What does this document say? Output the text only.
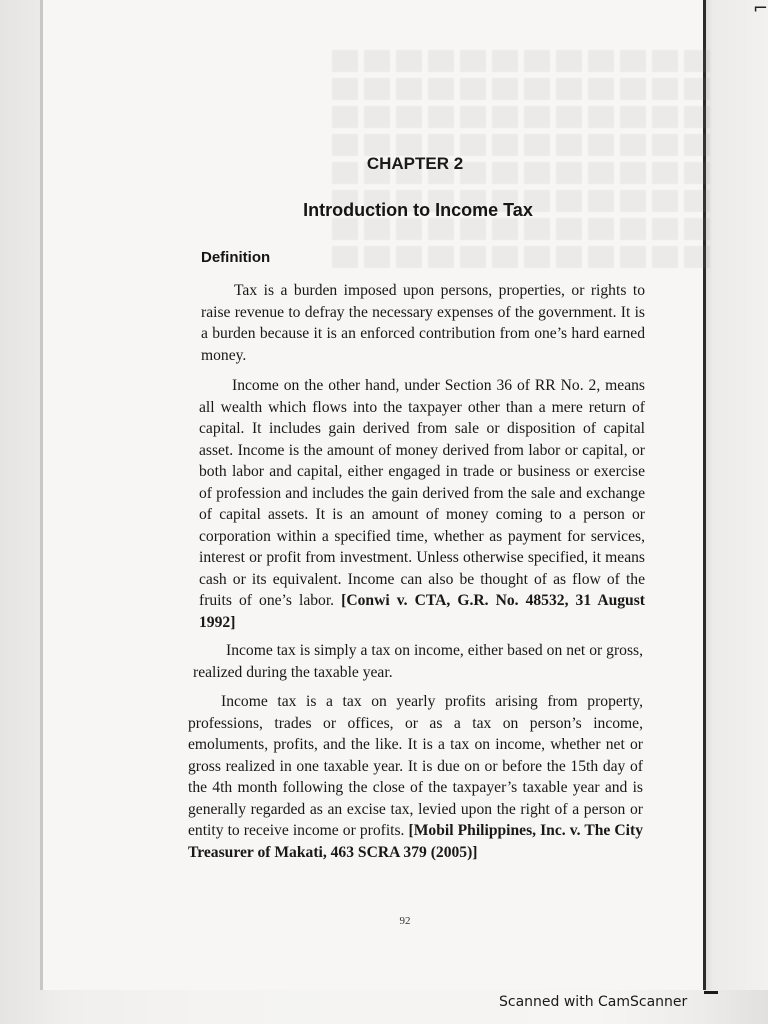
⌐
CHAPTER 2
Introduction to Income Tax
Definition

Tax is a burden imposed upon persons, properties, or rights to raise revenue to defray the necessary expenses of the government. It is a burden because it is an enforced contribution from one’s hard earned money.

Income on the other hand, under Section 36 of RR No. 2, means all wealth which flows into the taxpayer other than a mere return of capital. It includes gain derived from sale or disposition of capital asset. Income is the amount of money derived from labor or capital, or both labor and capital, either engaged in trade or business or exercise of profession and includes the gain derived from the sale and exchange of capital assets. It is an amount of money coming to a person or corporation within a specified time, whether as payment for services, interest or profit from investment. Unless otherwise specified, it means cash or its equivalent. Income can also be thought of as flow of the fruits of one’s labor. [Conwi v. CTA, G.R. No. 48532, 31 August 1992]

Income tax is simply a tax on income, either based on net or gross, realized during the taxable year.

Income tax is a tax on yearly profits arising from property, professions, trades or offices, or as a tax on person’s income, emoluments, profits, and the like. It is a tax on income, whether net or gross realized in one taxable year. It is due on or before the 15th day of the 4th month following the close of the taxpayer’s taxable year and is generally regarded as an excise tax, levied upon the right of a person or entity to receive income or profits. [Mobil Philippines, Inc. v. The City Treasurer of Makati, 463 SCRA 379 (2005)]

92
Scanned with CamScanner
